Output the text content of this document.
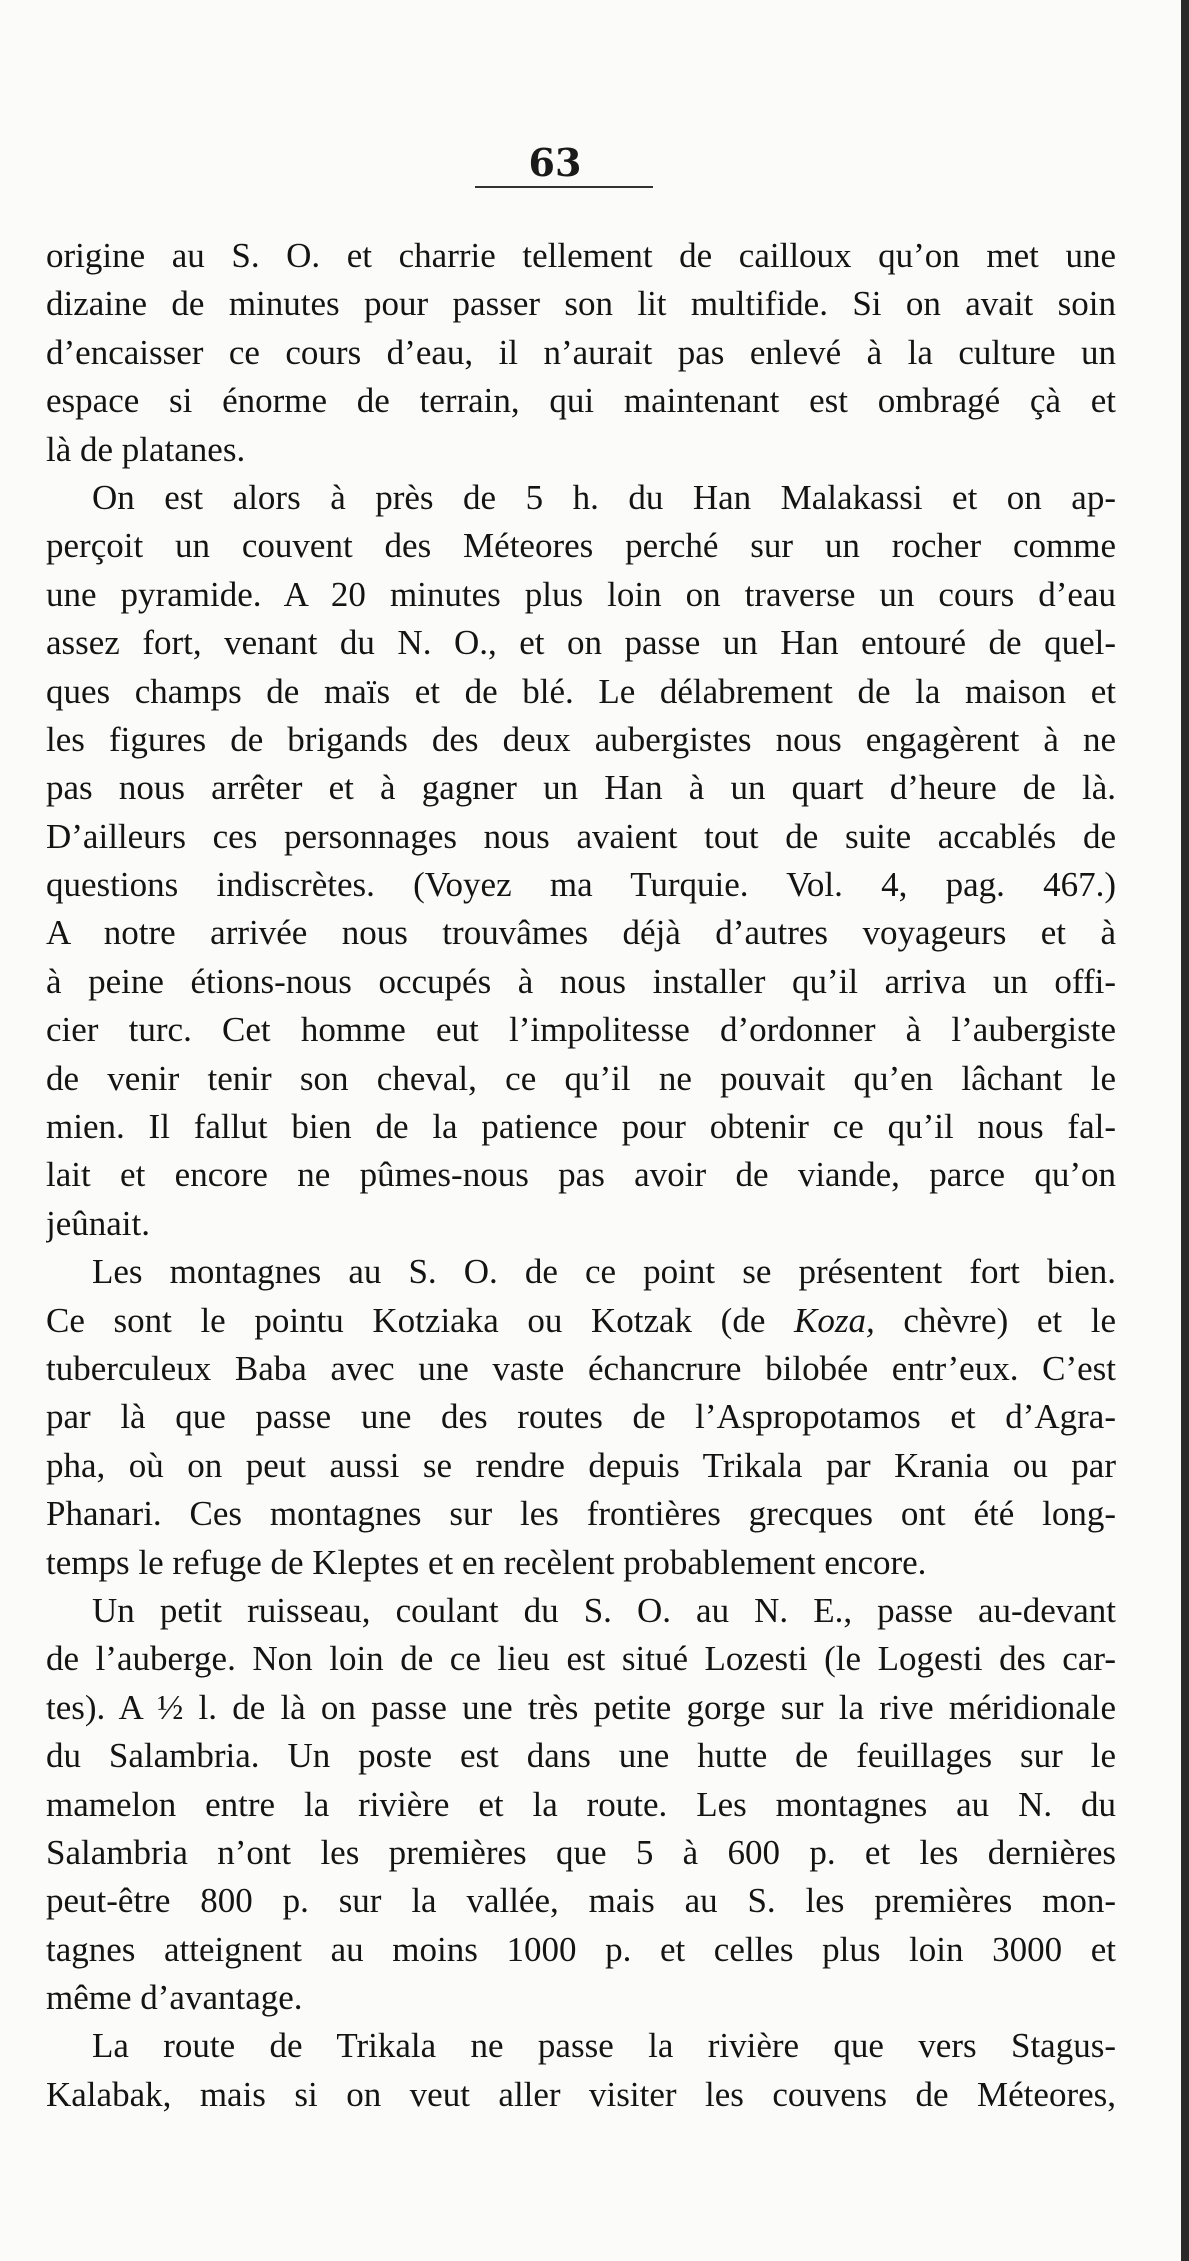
63
origine au S. O. et charrie tellement de cailloux qu’on met une
dizaine de minutes pour passer son lit multifide. Si on avait soin
d’encaisser ce cours d’eau, il n’aurait pas enlevé à la culture un
espace si énorme de terrain, qui maintenant est ombragé çà et
là de platanes.
On est alors à près de 5 h. du Han Malakassi et on ap-
perçoit un couvent des Méteores perché sur un rocher comme
une pyramide. A 20 minutes plus loin on traverse un cours d’eau
assez fort, venant du N. O., et on passe un Han entouré de quel-
ques champs de maïs et de blé. Le délabrement de la maison et
les figures de brigands des deux aubergistes nous engagèrent à ne
pas nous arrêter et à gagner un Han à un quart d’heure de là.
D’ailleurs ces personnages nous avaient tout de suite accablés de
questions indiscrètes. (Voyez ma Turquie. Vol. 4, pag. 467.)
A notre arrivée nous trouvâmes déjà d’autres voyageurs et à
à peine étions-nous occupés à nous installer qu’il arriva un offi-
cier turc. Cet homme eut l’impolitesse d’ordonner à l’aubergiste
de venir tenir son cheval, ce qu’il ne pouvait qu’en lâchant le
mien. Il fallut bien de la patience pour obtenir ce qu’il nous fal-
lait et encore ne pûmes-nous pas avoir de viande, parce qu’on
jeûnait.
Les montagnes au S. O. de ce point se présentent fort bien.
Ce sont le pointu Kotziaka ou Kotzak (de Koza, chèvre) et le
tuberculeux Baba avec une vaste échancrure bilobée entr’eux. C’est
par là que passe une des routes de l’Aspropotamos et d’Agra-
pha, où on peut aussi se rendre depuis Trikala par Krania ou par
Phanari. Ces montagnes sur les frontières grecques ont été long-
temps le refuge de Kleptes et en recèlent probablement encore.
Un petit ruisseau, coulant du S. O. au N. E., passe au-devant
de l’auberge. Non loin de ce lieu est situé Lozesti (le Logesti des car-
tes). A ½ l. de là on passe une très petite gorge sur la rive méridionale
du Salambria. Un poste est dans une hutte de feuillages sur le
mamelon entre la rivière et la route. Les montagnes au N. du
Salambria n’ont les premières que 5 à 600 p. et les dernières
peut-être 800 p. sur la vallée, mais au S. les premières mon-
tagnes atteignent au moins 1000 p. et celles plus loin 3000 et
même d’avantage.
La route de Trikala ne passe la rivière que vers Stagus-
Kalabak, mais si on veut aller visiter les couvens de Méteores,
